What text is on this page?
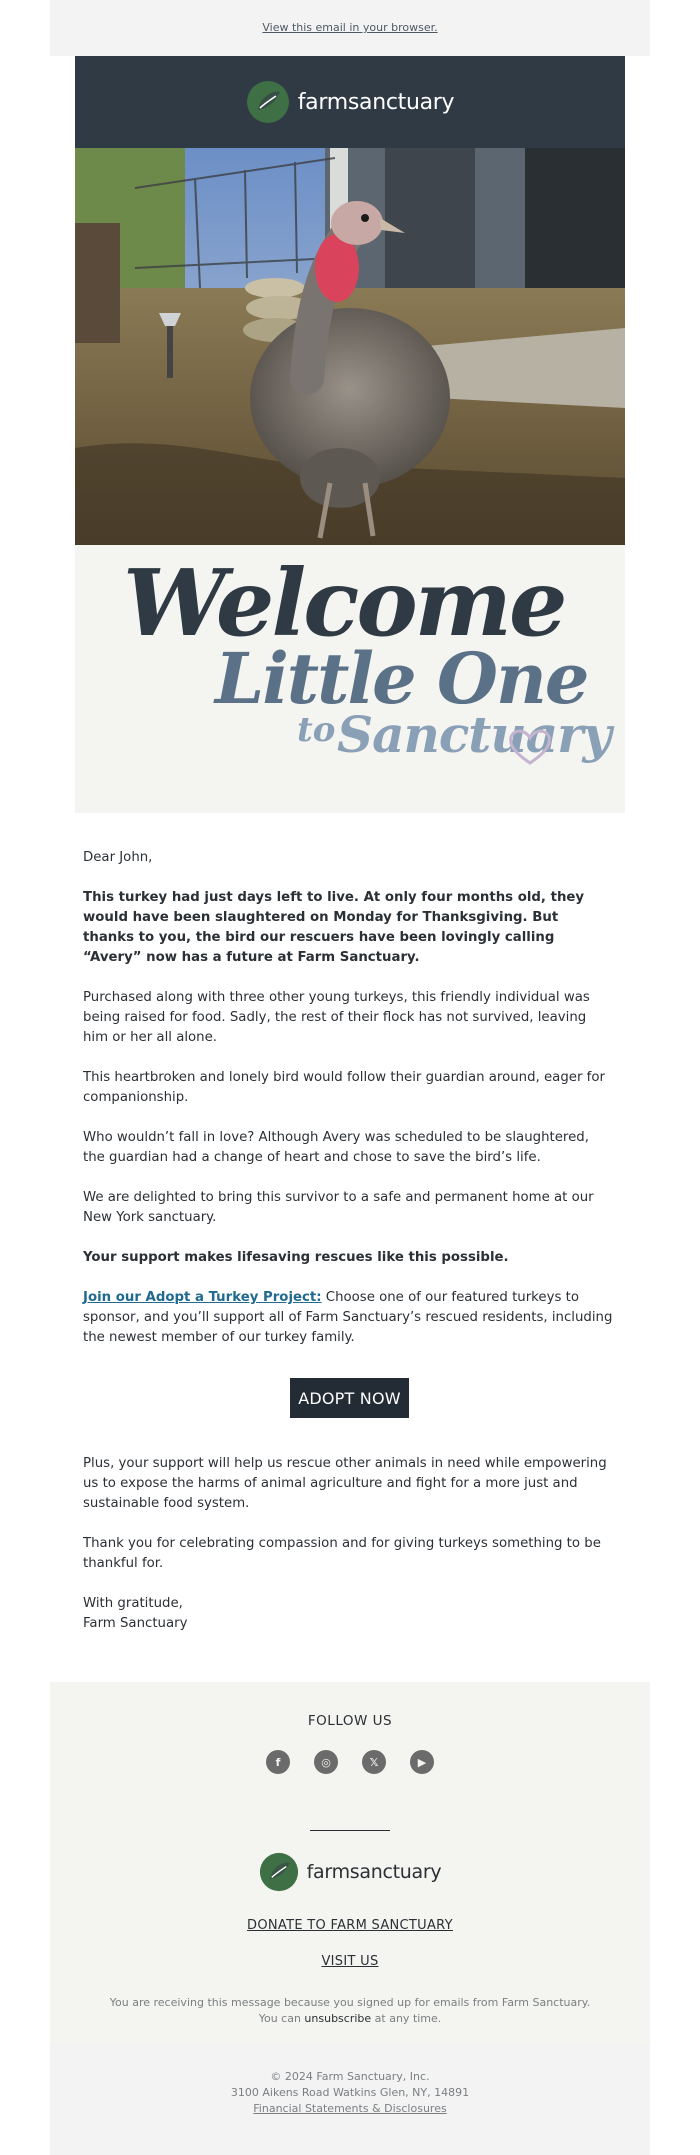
View this email in your browser.
farmsanctuary
Welcome
Little One
to Sanctuary

Dear John,

This turkey had just days left to live. At only four months old, they would have been slaughtered on Monday for Thanksgiving. But thanks to you, the bird our rescuers have been lovingly calling “Avery” now has a future at Farm Sanctuary.

Purchased along with three other young turkeys, this friendly individual was being raised for food. Sadly, the rest of their flock has not survived, leaving him or her all alone.

This heartbroken and lonely bird would follow their guardian around, eager for companionship.

Who wouldn’t fall in love? Although Avery was scheduled to be slaughtered, the guardian had a change of heart and chose to save the bird’s life.

We are delighted to bring this survivor to a safe and permanent home at our New York sanctuary.

Your support makes lifesaving rescues like this possible.

Join our Adopt a Turkey Project: Choose one of our featured turkeys to sponsor, and you’ll support all of Farm Sanctuary’s rescued residents, including the newest member of our turkey family.

ADOPT NOW

Plus, your support will help us rescue other animals in need while empowering us to expose the harms of animal agriculture and fight for a more just and sustainable food system.

Thank you for celebrating compassion and for giving turkeys something to be thankful for.

With gratitude,
Farm Sanctuary

FOLLOW US
f	◎	𝕏	▶
farmsanctuary
DONATE TO FARM SANCTUARY
VISIT US
You are receiving this message because you signed up for emails from Farm Sanctuary.
You can unsubscribe at any time.
© 2024 Farm Sanctuary, Inc.
3100 Aikens Road Watkins Glen, NY, 14891
Financial Statements & Disclosures
